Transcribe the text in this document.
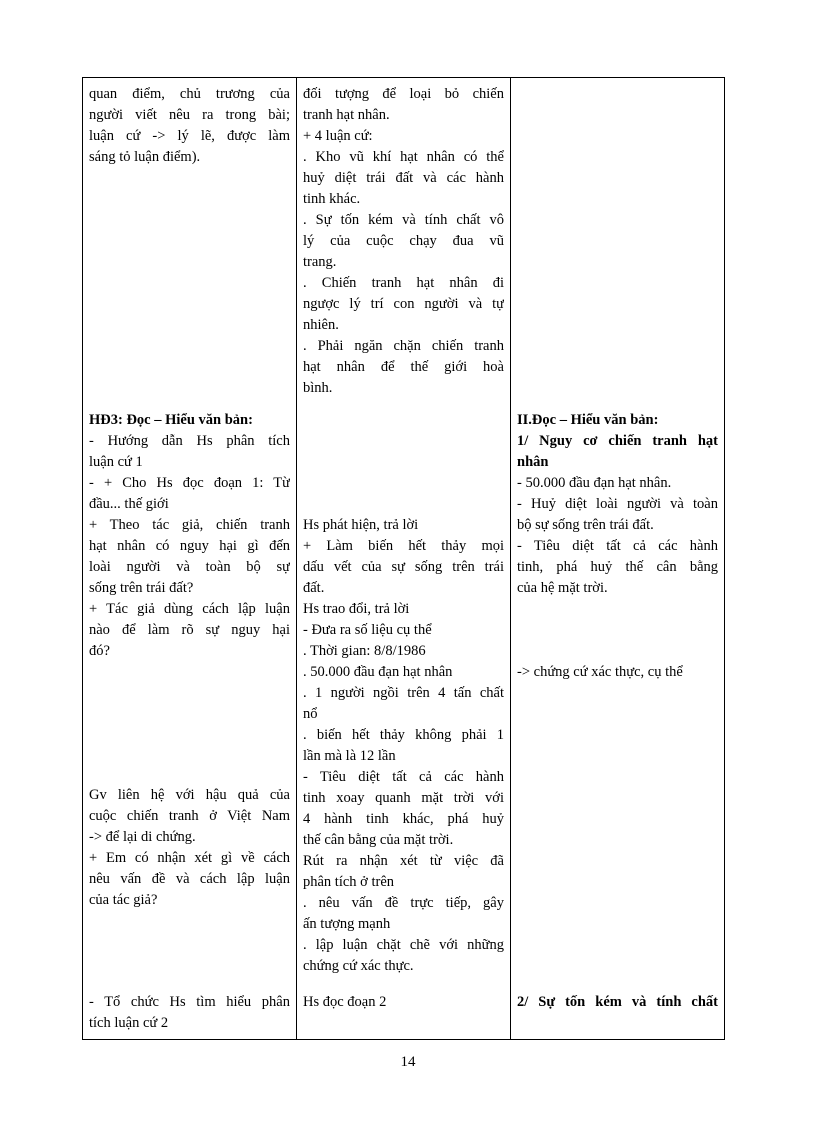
quan điểm, chủ trương của
người viết nêu ra trong bài;
luận cứ -> lý lẽ, được làm
sáng tỏ luận điểm).
HĐ3: Đọc – Hiểu văn bản:
- Hướng dẫn Hs phân tích
luận cứ 1
- + Cho Hs đọc đoạn 1: Từ
đầu... thế giới
+ Theo tác giả, chiến tranh
hạt nhân có nguy hại gì đến
loài người và toàn bộ sự
sống trên trái đất?
+ Tác giả dùng cách lập luận
nào để làm rõ sự nguy hại
đó?
Gv liên hệ với hậu quả của
cuộc chiến tranh ở Việt Nam
-> để lại di chứng.
+ Em có nhận xét gì về cách
nêu vấn đề và cách lập luận
của tác giả?
- Tổ chức Hs tìm hiểu phân
tích luận cứ 2
đối tượng để loại bỏ chiến
tranh hạt nhân.
+ 4 luận cứ:
. Kho vũ khí hạt nhân có thể
huỷ diệt trái đất và các hành
tinh khác.
. Sự tốn kém và tính chất vô
lý của cuộc chạy đua vũ
trang.
. Chiến tranh hạt nhân đi
ngược lý trí con người và tự
nhiên.
. Phải ngăn chặn chiến tranh
hạt nhân để thế giới hoà
bình.
Hs phát hiện, trả lời
+ Làm biến hết thảy mọi
dấu vết của sự sống trên trái
đất.
Hs trao đổi, trả lời
- Đưa ra số liệu cụ thể
. Thời gian: 8/8/1986
. 50.000 đầu đạn hạt nhân
. 1 người ngồi trên 4 tấn chất
nổ
. biến hết thảy không phải 1
lần mà là 12 lần
- Tiêu diệt tất cả các hành
tinh xoay quanh mặt trời với
4 hành tinh khác, phá huỷ
thế cân bằng của mặt trời.
Rút ra nhận xét từ việc đã
phân tích ở trên
. nêu vấn đề trực tiếp, gây
ấn tượng mạnh
. lập luận chặt chẽ với những
chứng cứ xác thực.
Hs đọc đoạn 2
II.Đọc – Hiểu văn bản:
1/ Nguy cơ chiến tranh hạt
nhân
- 50.000 đầu đạn hạt nhân.
- Huỷ diệt loài người và toàn
bộ sự sống trên trái đất.
- Tiêu diệt tất cả các hành
tinh, phá huỷ thế cân bằng
của hệ mặt trời.
-> chứng cứ xác thực, cụ thể
2/ Sự tốn kém và tính chất
14
